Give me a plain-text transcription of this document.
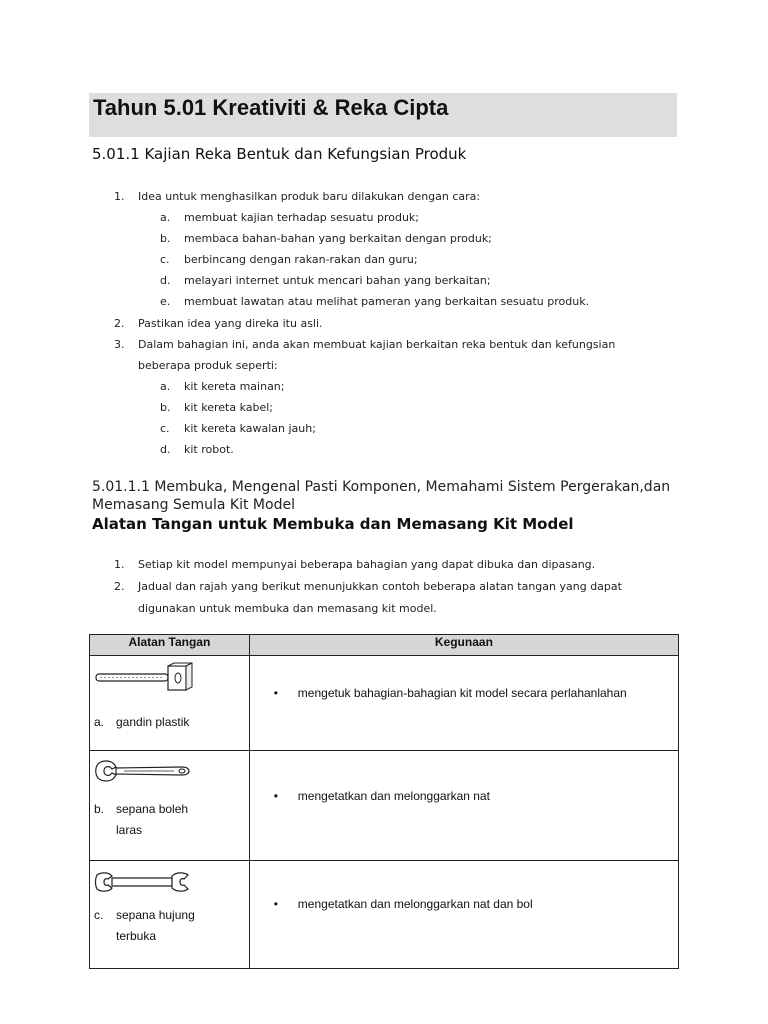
Tahun 5.01 Kreativiti & Reka Cipta
5.01.1 Kajian Reka Bentuk dan Kefungsian Produk
1.	Idea untuk menghasilkan produk baru dilakukan dengan cara:
a.	membuat kajian terhadap sesuatu produk;
b.	membaca bahan-bahan yang berkaitan dengan produk;
c.	berbincang dengan rakan-rakan dan guru;
d.	melayari internet untuk mencari bahan yang berkaitan;
e.	membuat lawatan atau melihat pameran yang berkaitan sesuatu produk.
2.	Pastikan idea yang direka itu asli.
3.	Dalam bahagian ini, anda akan membuat kajian berkaitan reka bentuk dan kefungsian
beberapa produk seperti:
a.	kit kereta mainan;
b.	kit kereta kabel;
c.	kit kereta kawalan jauh;
d.	kit robot.
5.01.1.1 Membuka, Mengenal Pasti Komponen, Memahami Sistem Pergerakan,dan Memasang Semula Kit Model
Alatan Tangan untuk Membuka dan Memasang Kit Model
1.	Setiap kit model mempunyai beberapa bahagian yang dapat dibuka dan dipasang.
2.	Jadual dan rajah yang berikut menunjukkan contoh beberapa alatan tangan yang dapat
digunakan untuk membuka dan memasang kit model.
Alatan Tangan	Kegunaan

a. gandin plastik	• mengetuk bahagian-bahagian kit model secara perlahanlahan

b. sepana boleh
laras	• mengetatkan dan melonggarkan nat

c. sepana hujung
terbuka	• mengetatkan dan melonggarkan nat dan bol
